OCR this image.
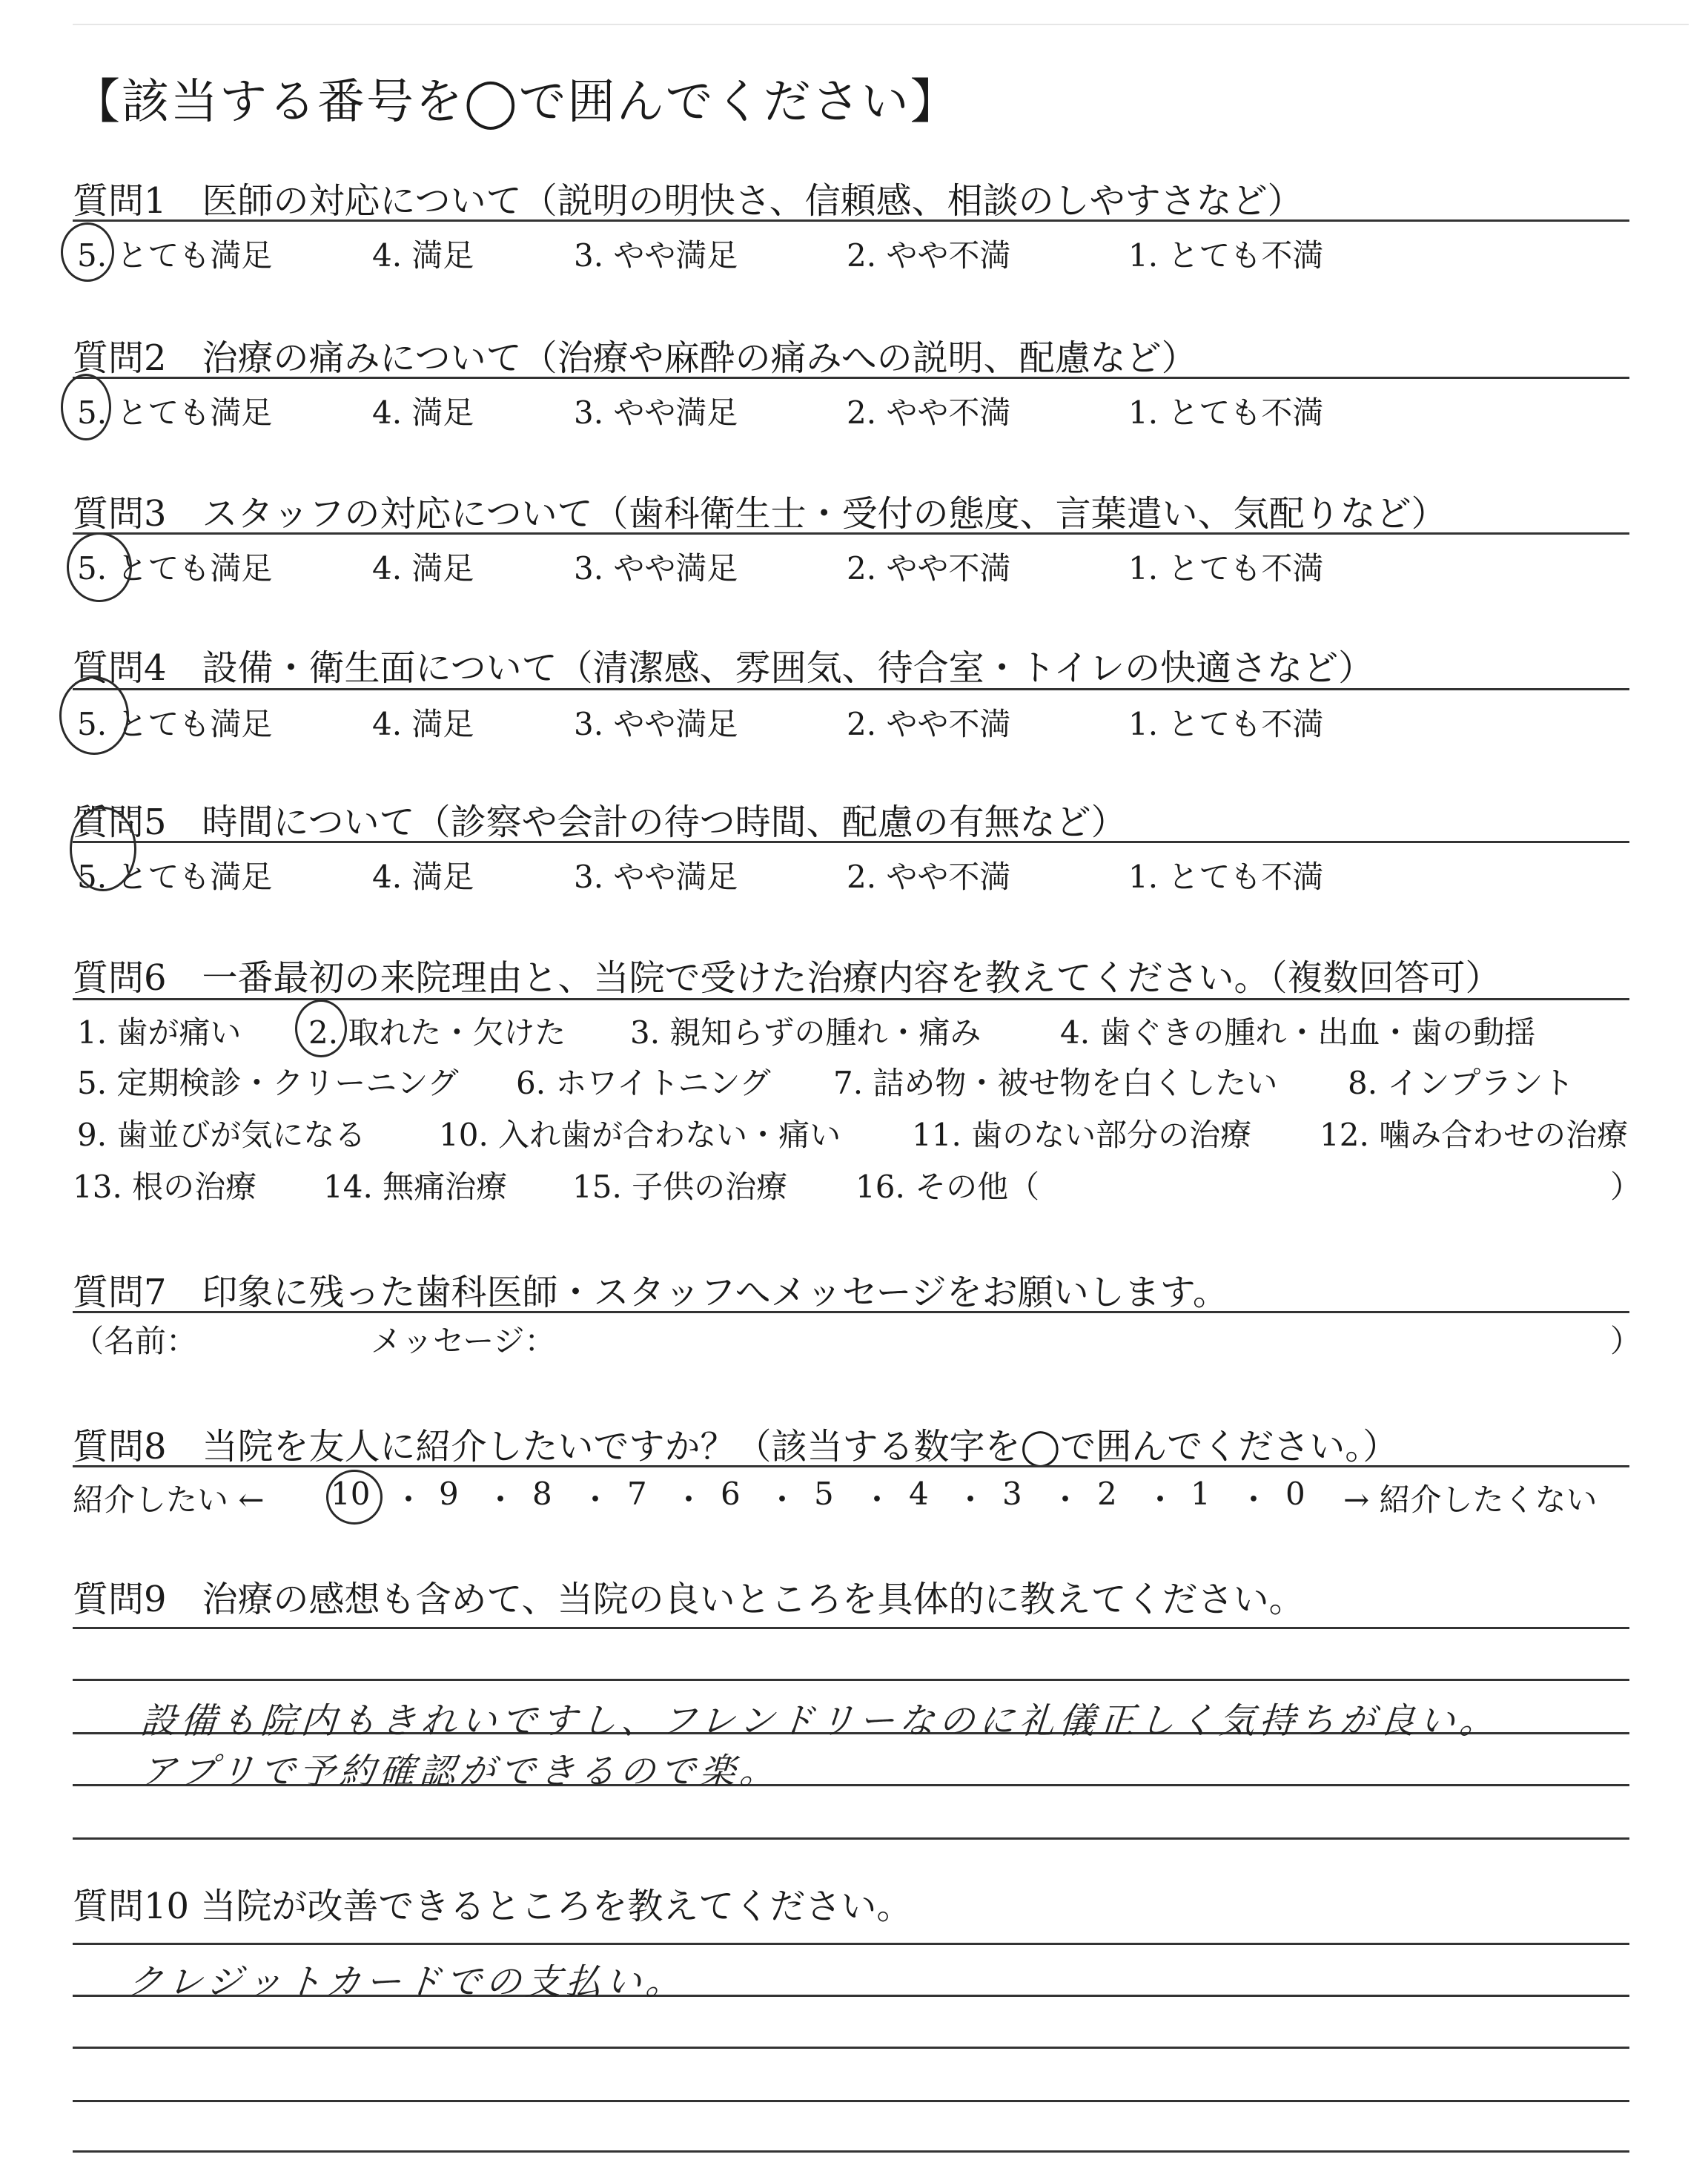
【該当する番号を◯で囲んでください】
質問1　医師の対応について（説明の明快さ、信頼感、相談のしやすさなど）
5. とても満足	4. 満足	3. やや満足	2. やや不満	1. とても不満
質問2　治療の痛みについて（治療や麻酔の痛みへの説明、配慮など）
5. とても満足	4. 満足	3. やや満足	2. やや不満	1. とても不満
質問3　スタッフの対応について（歯科衛生士・受付の態度、言葉遣い、気配りなど）
5. とても満足	4. 満足	3. やや満足	2. やや不満	1. とても不満
質問4　設備・衛生面について（清潔感、雰囲気、待合室・トイレの快適さなど）
5. とても満足	4. 満足	3. やや満足	2. やや不満	1. とても不満
質問5　時間について（診察や会計の待つ時間、配慮の有無など）
5. とても満足	4. 満足	3. やや満足	2. やや不満	1. とても不満
質問6　一番最初の来院理由と、当院で受けた治療内容を教えてください。（複数回答可）
1. 歯が痛い 2. 取れた・欠けた 3. 親知らずの腫れ・痛み	4. 歯ぐきの腫れ・出血・歯の動揺
5. 定期検診・クリーニング 6. ホワイトニング 7. 詰め物・被せ物を白くしたい 8. インプラント
9. 歯並びが気になる 10. 入れ歯が合わない・痛い 11. 歯のない部分の治療 12. 噛み合わせの治療
13. 根の治療 14. 無痛治療 15. 子供の治療 16. その他（	）
質問7　印象に残った歯科医師・スタッフへメッセージをお願いします。
（名前：	メッセージ：	）
質問8　当院を友人に紹介したいですか？（該当する数字を◯で囲んでください。）
紹介したい ← 10 ・ 9 ・ 8 ・ 7 ・ 6 ・ 5 ・ 4 ・ 3 ・ 2 ・ 1 ・ 0 → 紹介したくない
質問9　治療の感想も含めて、当院の良いところを具体的に教えてください。
設備も院内もきれいですし、フレンドリーなのに礼儀正しく気持ちが良い。
アプリで予約確認ができるので楽。
質問10 当院が改善できるところを教えてください。
クレジットカードでの支払い。
